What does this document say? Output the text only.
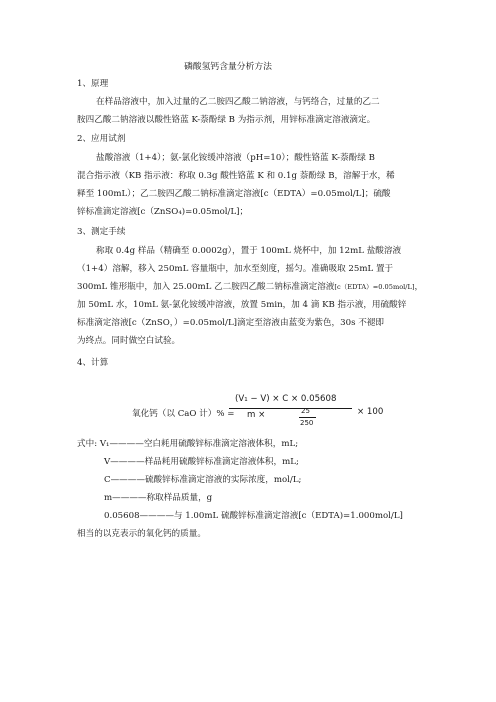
磷酸氢钙含量分析方法
1、原理
在样品溶液中，加入过量的乙二胺四乙酸二钠溶液，与钙络合，过量的乙二
胺四乙酸二钠溶液以酸性铬蓝 K-萘酚绿 B 为指示剂，用锌标准滴定溶液滴定。
2、应用试剂
盐酸溶液（1+4）；氨-氯化铵缓冲溶液（pH=10）；酸性铬蓝 K-萘酚绿 B
混合指示液（KB 指示液：称取 0.3g 酸性铬蓝 K 和 0.1g 萘酚绿 B，溶解于水，稀
释至 100mL）；乙二胺四乙酸二钠标准滴定溶液[c（EDTA）=0.05mol/L]；硫酸
锌标准滴定溶液[c（ZnSO₄)=0.05mol/L]；
3、测定手续
称取 0.4g 样品（精确至 0.0002g），置于 100mL 烧杯中，加 12mL 盐酸溶液
（1+4）溶解，移入 250mL 容量瓶中，加水至刻度，摇匀。准确吸取 25mL 置于
300mL 锥形瓶中，加入 25.00mL 乙二胺四乙酸二钠标准滴定溶液[c（EDTA）=0.05mol/L]，
加 50mL 水，10mL 氨-氯化铵缓冲溶液，放置 5min，加 4 滴 KB 指示液，用硫酸锌
标准滴定溶液[c（ZnSO，）=0.05mol/L]滴定至溶液由蓝变为紫色，30s 不褪即
为终点。同时做空白试验。
4、计算
氧化钙（以 CaO 计）% =
(V₁ − V) × C × 0.05608
m ×	25
250
× 100
式中: V₁————空白耗用硫酸锌标准滴定溶液体积，mL;
V————样品耗用硫酸锌标准滴定溶液体积，mL;
C————硫酸锌标准滴定溶液的实际浓度，mol/L;
m————称取样品质量，g
0.05608————与 1.00mL 硫酸锌标准滴定溶液[c（EDTA)=1.000mol/L]
相当的以克表示的氧化钙的质量。
